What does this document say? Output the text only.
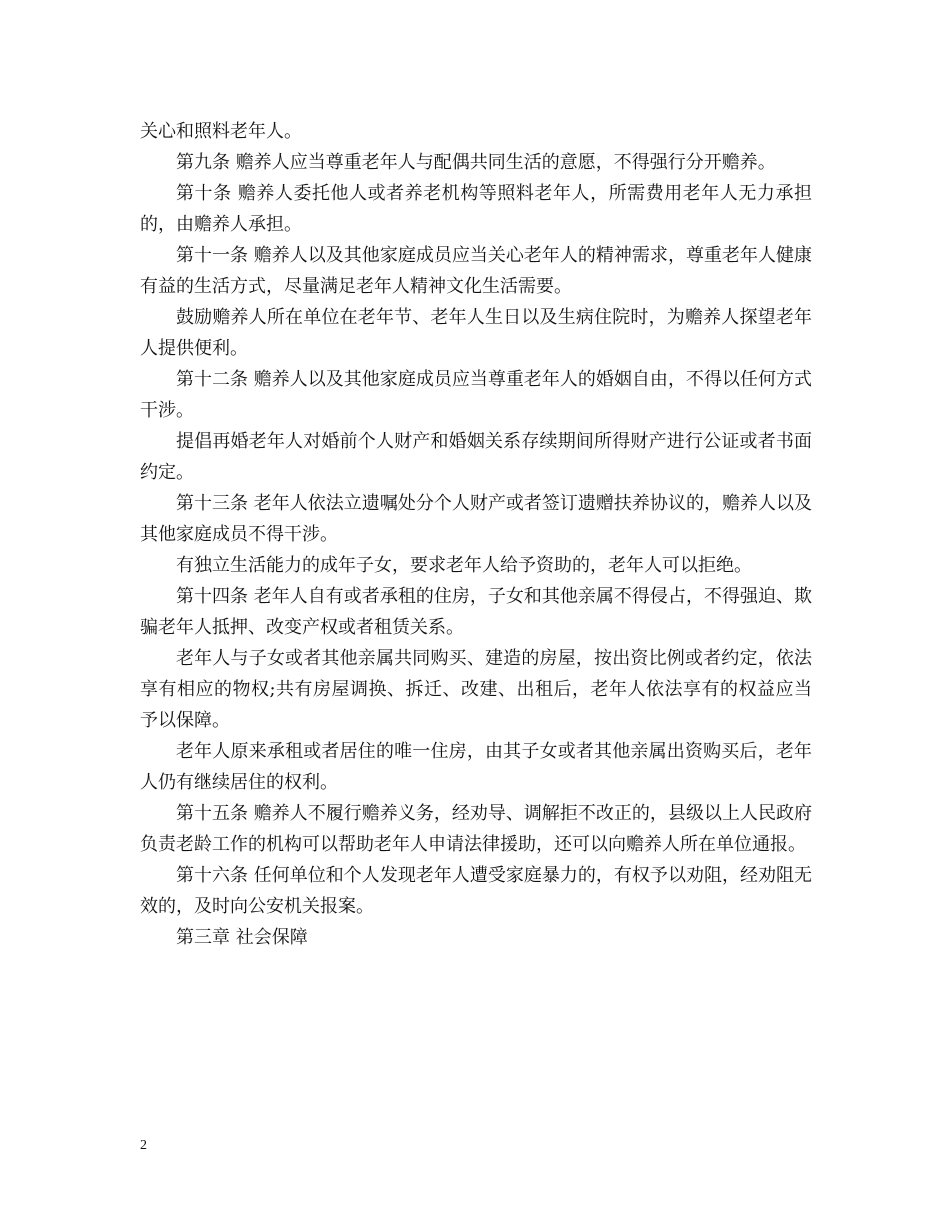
关心和照料老年人。

第九条 赡养人应当尊重老年人与配偶共同生活的意愿，不得强行分开赡养。

第十条 赡养人委托他人或者养老机构等照料老年人，所需费用老年人无力承担的，由赡养人承担。

第十一条 赡养人以及其他家庭成员应当关心老年人的精神需求，尊重老年人健康有益的生活方式，尽量满足老年人精神文化生活需要。

鼓励赡养人所在单位在老年节、老年人生日以及生病住院时，为赡养人探望老年人提供便利。

第十二条 赡养人以及其他家庭成员应当尊重老年人的婚姻自由，不得以任何方式干涉。

提倡再婚老年人对婚前个人财产和婚姻关系存续期间所得财产进行公证或者书面约定。

第十三条 老年人依法立遗嘱处分个人财产或者签订遗赠扶养协议的，赡养人以及其他家庭成员不得干涉。

有独立生活能力的成年子女，要求老年人给予资助的，老年人可以拒绝。

第十四条 老年人自有或者承租的住房，子女和其他亲属不得侵占，不得强迫、欺骗老年人抵押、改变产权或者租赁关系。

老年人与子女或者其他亲属共同购买、建造的房屋，按出资比例或者约定，依法享有相应的物权;共有房屋调换、拆迁、改建、出租后，老年人依法享有的权益应当予以保障。

老年人原来承租或者居住的唯一住房，由其子女或者其他亲属出资购买后，老年人仍有继续居住的权利。

第十五条 赡养人不履行赡养义务，经劝导、调解拒不改正的，县级以上人民政府负责老龄工作的机构可以帮助老年人申请法律援助，还可以向赡养人所在单位通报。

第十六条 任何单位和个人发现老年人遭受家庭暴力的，有权予以劝阻，经劝阻无效的，及时向公安机关报案。

第三章 社会保障

2
